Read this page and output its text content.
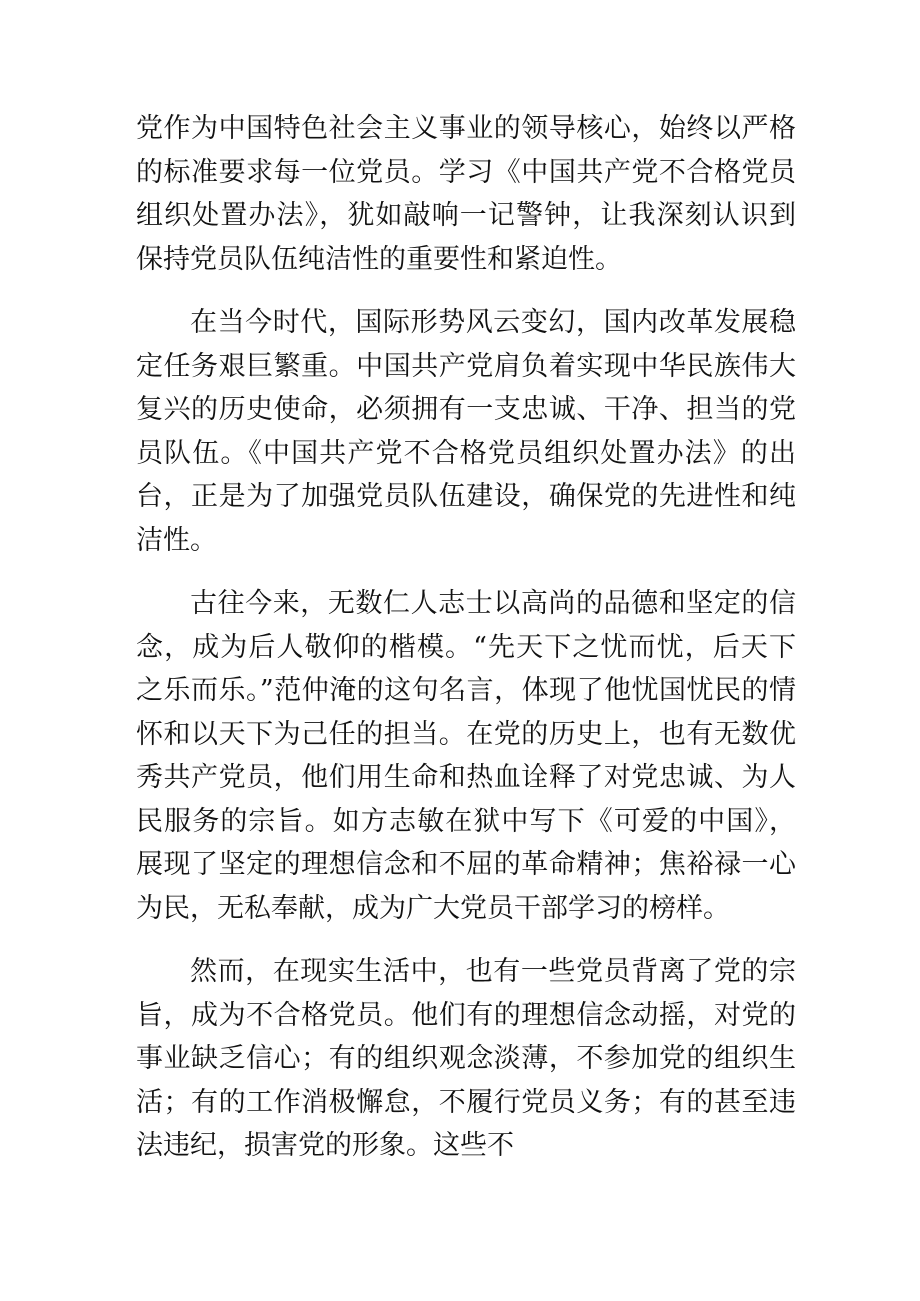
党作为中国特色社会主义事业的领导核心，始终以严格的标准要求每一位党员。学习《中国共产党不合格党员组织处置办法》，犹如敲响一记警钟，让我深刻认识到保持党员队伍纯洁性的重要性和紧迫性。

在当今时代，国际形势风云变幻，国内改革发展稳定任务艰巨繁重。中国共产党肩负着实现中华民族伟大复兴的历史使命，必须拥有一支忠诚、干净、担当的党员队伍。《中国共产党不合格党员组织处置办法》的出台，正是为了加强党员队伍建设，确保党的先进性和纯洁性。

古往今来，无数仁人志士以高尚的品德和坚定的信念，成为后人敬仰的楷模。“先天下之忧而忧，后天下之乐而乐。”范仲淹的这句名言，体现了他忧国忧民的情怀和以天下为己任的担当。在党的历史上，也有无数优秀共产党员，他们用生命和热血诠释了对党忠诚、为人民服务的宗旨。如方志敏在狱中写下《可爱的中国》，展现了坚定的理想信念和不屈的革命精神；焦裕禄一心为民，无私奉献，成为广大党员干部学习的榜样。

然而，在现实生活中，也有一些党员背离了党的宗旨，成为不合格党员。他们有的理想信念动摇，对党的事业缺乏信心；有的组织观念淡薄，不参加党的组织生活；有的工作消极懈怠，不履行党员义务；有的甚至违法违纪，损害党的形象。这些不
